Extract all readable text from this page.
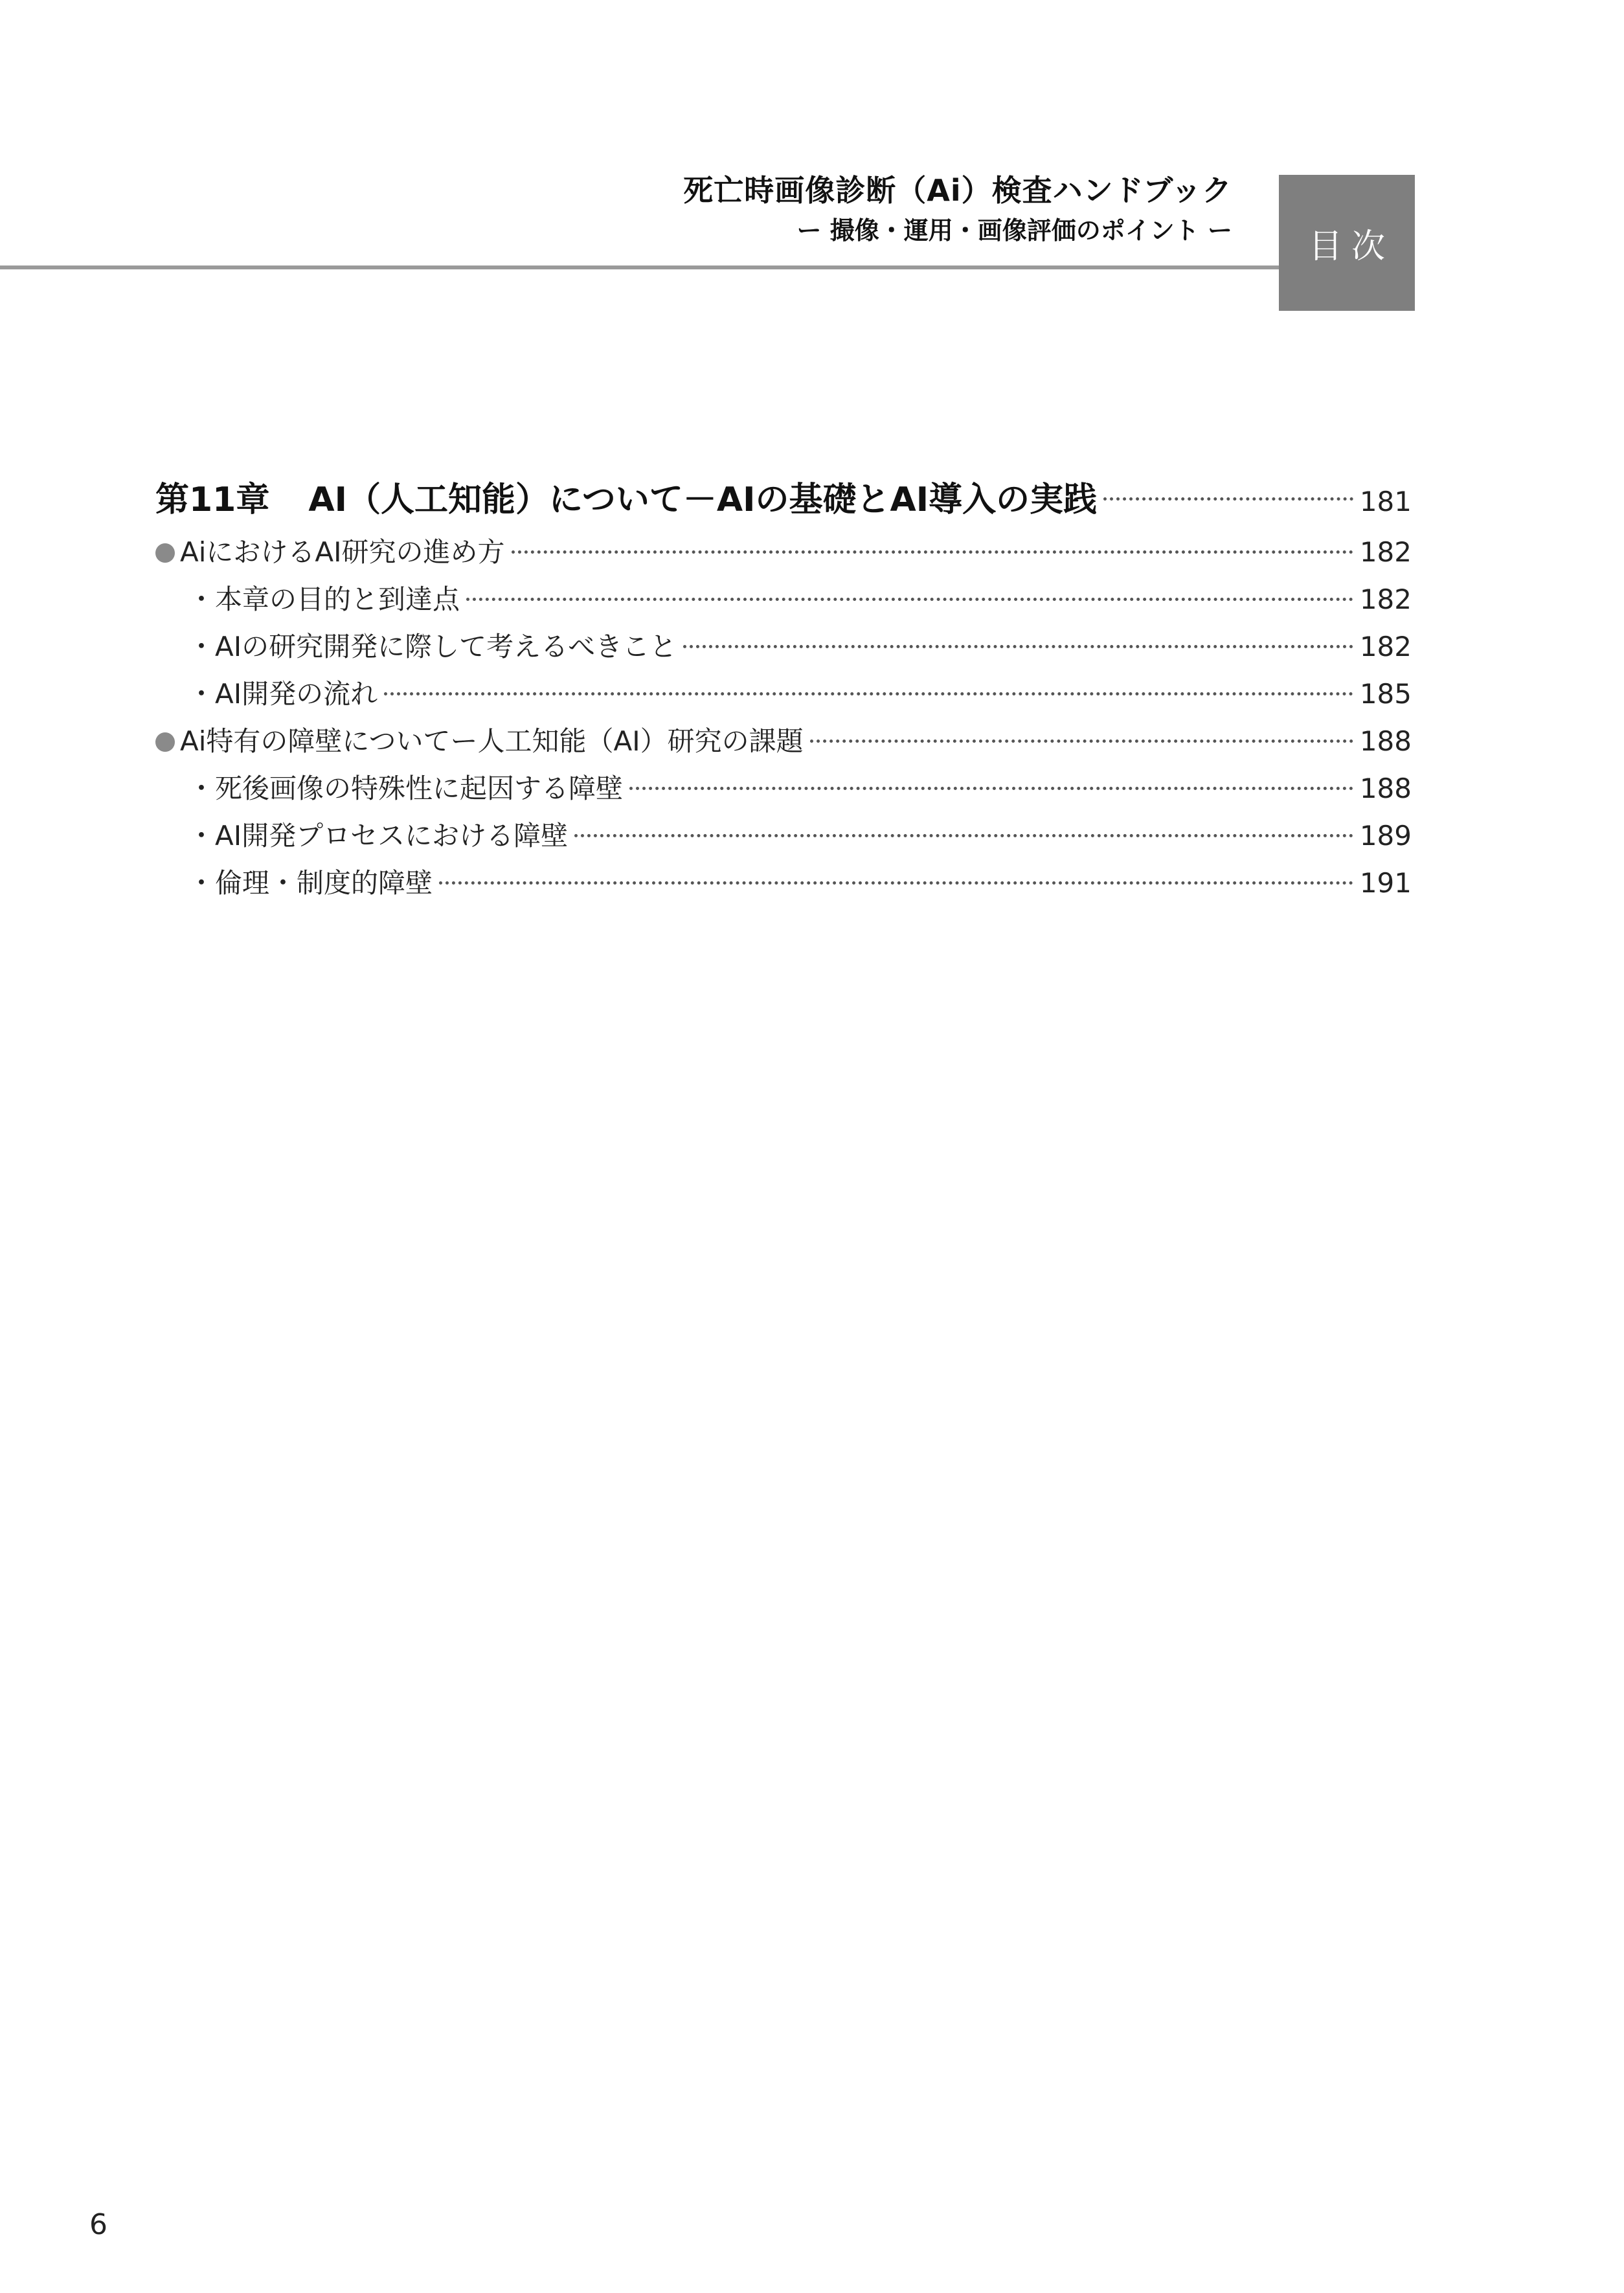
死亡時画像診断（Ai）検査ハンドブック
ー 撮像・運用・画像評価のポイント ー 目次
第11章 AI（人工知能）について－AIの基礎とAI導入の実践	181
AiにおけるAI研究の進め方	182
・本章の目的と到達点	182
・AIの研究開発に際して考えるべきこと	182
・AI開発の流れ	185
Ai特有の障壁についてー人工知能（AI）研究の課題	188
・死後画像の特殊性に起因する障壁	188
・AI開発プロセスにおける障壁	189
・倫理・制度的障壁	191
6
